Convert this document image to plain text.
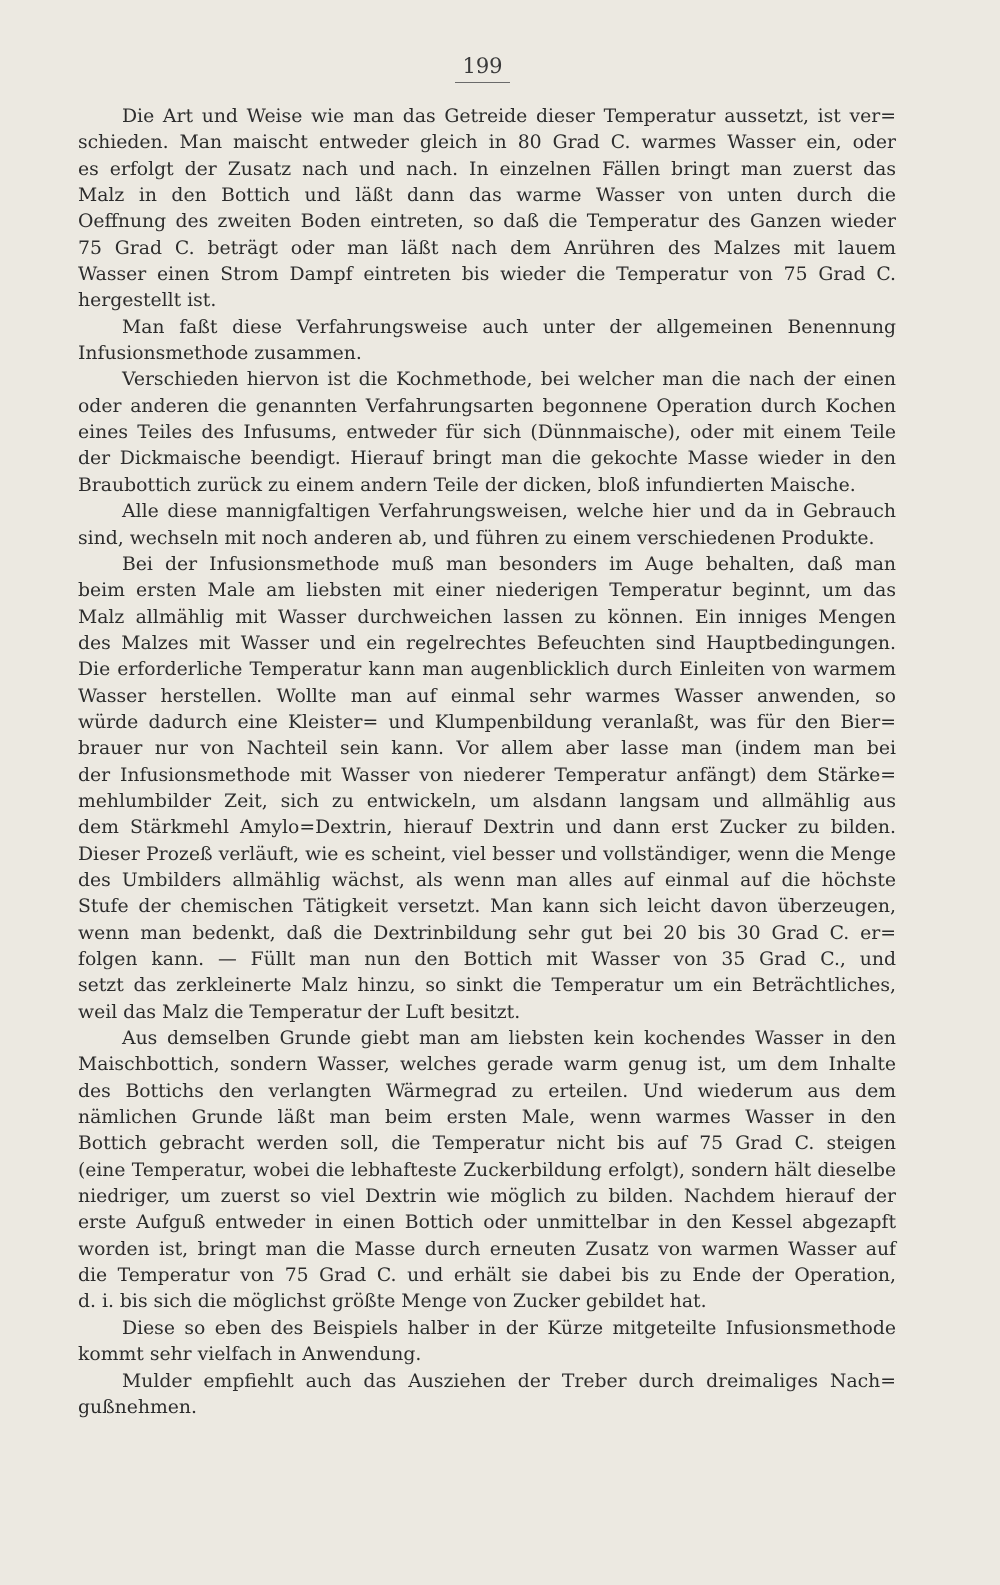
199
Die Art und Weise wie man das Getreide dieser Temperatur aussetzt, ist ver=
schieden. Man maischt entweder gleich in 80 Grad C. warmes Wasser ein, oder
es erfolgt der Zusatz nach und nach. In einzelnen Fällen bringt man zuerst das
Malz in den Bottich und läßt dann das warme Wasser von unten durch die
Oeffnung des zweiten Boden eintreten, so daß die Temperatur des Ganzen wieder
75 Grad C. beträgt oder man läßt nach dem Anrühren des Malzes mit lauem
Wasser einen Strom Dampf eintreten bis wieder die Temperatur von 75 Grad C.
hergestellt ist.
Man faßt diese Verfahrungsweise auch unter der allgemeinen Benennung
Infusionsmethode zusammen.
Verschieden hiervon ist die Kochmethode, bei welcher man die nach der einen
oder anderen die genannten Verfahrungsarten begonnene Operation durch Kochen
eines Teiles des Infusums, entweder für sich (Dünnmaische), oder mit einem Teile
der Dickmaische beendigt. Hierauf bringt man die gekochte Masse wieder in den
Braubottich zurück zu einem andern Teile der dicken, bloß infundierten Maische.
Alle diese mannigfaltigen Verfahrungsweisen, welche hier und da in Gebrauch
sind, wechseln mit noch anderen ab, und führen zu einem verschiedenen Produkte.
Bei der Infusionsmethode muß man besonders im Auge behalten, daß man
beim ersten Male am liebsten mit einer niederigen Temperatur beginnt, um das
Malz allmählig mit Wasser durchweichen lassen zu können. Ein inniges Mengen
des Malzes mit Wasser und ein regelrechtes Befeuchten sind Hauptbedingungen.
Die erforderliche Temperatur kann man augenblicklich durch Einleiten von warmem
Wasser herstellen. Wollte man auf einmal sehr warmes Wasser anwenden, so
würde dadurch eine Kleister= und Klumpenbildung veranlaßt, was für den Bier=
brauer nur von Nachteil sein kann. Vor allem aber lasse man (indem man bei
der Infusionsmethode mit Wasser von niederer Temperatur anfängt) dem Stärke=
mehlumbilder Zeit, sich zu entwickeln, um alsdann langsam und allmählig aus
dem Stärkmehl Amylo=Dextrin, hierauf Dextrin und dann erst Zucker zu bilden.
Dieser Prozeß verläuft, wie es scheint, viel besser und vollständiger, wenn die Menge
des Umbilders allmählig wächst, als wenn man alles auf einmal auf die höchste
Stufe der chemischen Tätigkeit versetzt. Man kann sich leicht davon überzeugen,
wenn man bedenkt, daß die Dextrinbildung sehr gut bei 20 bis 30 Grad C. er=
folgen kann. — Füllt man nun den Bottich mit Wasser von 35 Grad C., und
setzt das zerkleinerte Malz hinzu, so sinkt die Temperatur um ein Beträchtliches,
weil das Malz die Temperatur der Luft besitzt.
Aus demselben Grunde giebt man am liebsten kein kochendes Wasser in den
Maischbottich, sondern Wasser, welches gerade warm genug ist, um dem Inhalte
des Bottichs den verlangten Wärmegrad zu erteilen. Und wiederum aus dem
nämlichen Grunde läßt man beim ersten Male, wenn warmes Wasser in den
Bottich gebracht werden soll, die Temperatur nicht bis auf 75 Grad C. steigen
(eine Temperatur, wobei die lebhafteste Zuckerbildung erfolgt), sondern hält dieselbe
niedriger, um zuerst so viel Dextrin wie möglich zu bilden. Nachdem hierauf der
erste Aufguß entweder in einen Bottich oder unmittelbar in den Kessel abgezapft
worden ist, bringt man die Masse durch erneuten Zusatz von warmen Wasser auf
die Temperatur von 75 Grad C. und erhält sie dabei bis zu Ende der Operation,
d. i. bis sich die möglichst größte Menge von Zucker gebildet hat.
Diese so eben des Beispiels halber in der Kürze mitgeteilte Infusionsmethode
kommt sehr vielfach in Anwendung.
Mulder empfiehlt auch das Ausziehen der Treber durch dreimaliges Nach=
gußnehmen.
